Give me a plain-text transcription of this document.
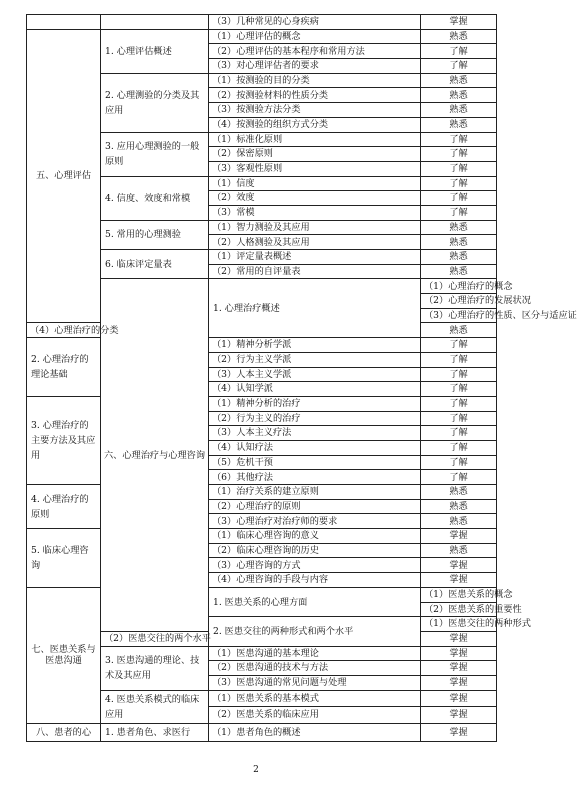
		（3）几种常见的心身疾病	掌握	
五、心理评估	1. 心理评估概述	（1）心理评估的概念	熟悉	
		（2）心理评估的基本程序和常用方法	了解	
		（3）对心理评估者的要求	了解	
	2. 心理测验的分类及其应用	（1）按测验的目的分类	熟悉	
		（2）按测验材料的性质分类	熟悉	
		（3）按测验方法分类	熟悉	
		（4）按测验的组织方式分类	熟悉	
	3. 应用心理测验的一般原则	（1）标准化原则	了解	
		（2）保密原则	了解	
		（3）客观性原则	了解	
	4. 信度、效度和常模	（1）信度	了解	
		（2）效度	了解	
		（3）常模	了解	
	5. 常用的心理测验	（1）智力测验及其应用	熟悉	
		（2）人格测验及其应用	熟悉	
	6. 临床评定量表	（1）评定量表概述	熟悉	
		（2）常用的自评量表	熟悉	
	六、心理治疗与心理咨询	1. 心理治疗概述	（1）心理治疗的概念	
			（2）心理治疗的发展状况	
			（3）心理治疗的性质、区分与适应证	
（4）心理治疗的分类			熟悉	
2. 心理治疗的理论基础		（1）精神分析学派	了解	
		（2）行为主义学派	了解	
		（3）人本主义学派	了解	
		（4）认知学派	了解	
3. 心理治疗的主要方法及其应用		（1）精神分析的治疗	了解	
		（2）行为主义的治疗	了解	
		（3）人本主义疗法	了解	
		（4）认知疗法	了解	
		（5）危机干预	了解	
		（6）其他疗法	了解	
4. 心理治疗的原则		（1）治疗关系的建立原则	熟悉	
		（2）心理治疗的原则	熟悉	
		（3）心理治疗对治疗师的要求	熟悉	
5. 临床心理咨询		（1）临床心理咨询的意义	掌握	
		（2）临床心理咨询的历史	熟悉	
		（3）心理咨询的方式	掌握	
		（4）心理咨询的手段与内容	掌握	
七、医患关系与医患沟通		1. 医患关系的心理方面	（1）医患关系的概念	
			（2）医患关系的重要性	
		2. 医患交往的两种形式和两个水平	（1）医患交往的两种形式	
	（2）医患交往的两个水平		掌握	
	3. 医患沟通的理论、技术及其应用	（1）医患沟通的基本理论	掌握	
		（2）医患沟通的技术与方法	掌握	
		（3）医患沟通的常见问题与处理	掌握	
	4. 医患关系模式的临床应用	（1）医患关系的基本模式	掌握	
		（2）医患关系的临床应用	掌握	
八、患者的心	1. 患者角色、求医行	（1）患者角色的概述	掌握	
2
